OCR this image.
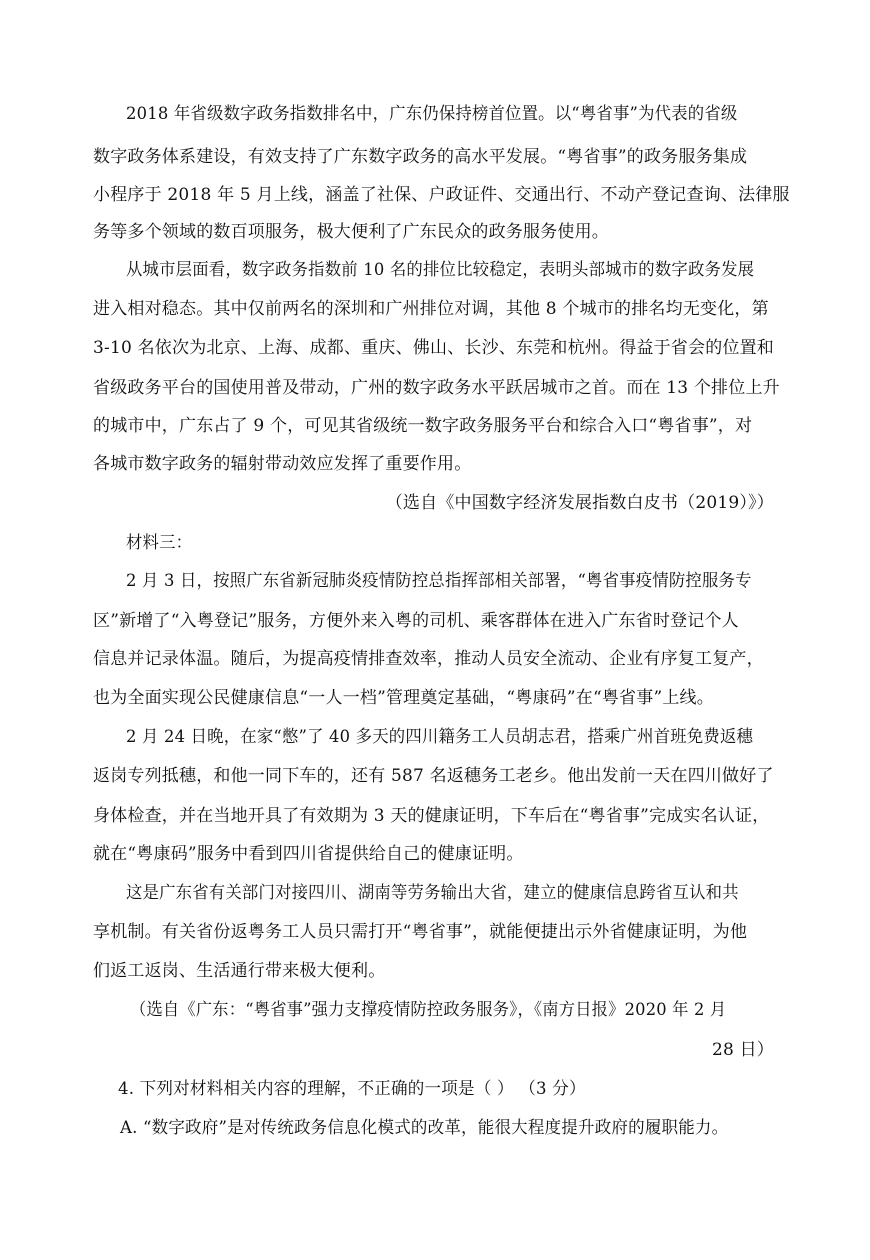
2018 年省级数字政务指数排名中，广东仍保持榜首位置。以“粤省事”为代表的省级
数字政务体系建设，有效支持了广东数字政务的高水平发展。“粤省事”的政务服务集成
小程序于 2018 年 5 月上线，涵盖了社保、户政证件、交通出行、不动产登记查询、法律服
务等多个领域的数百项服务，极大便利了广东民众的政务服务使用。
从城市层面看，数字政务指数前 10 名的排位比较稳定，表明头部城市的数字政务发展
进入相对稳态。其中仅前两名的深圳和广州排位对调，其他 8 个城市的排名均无变化，第
3-10 名依次为北京、上海、成都、重庆、佛山、长沙、东莞和杭州。得益于省会的位置和
省级政务平台的国使用普及带动，广州的数字政务水平跃居城市之首。而在 13 个排位上升
的城市中，广东占了 9 个，可见其省级统一数字政务服务平台和综合入口“粤省事”，对
各城市数字政务的辐射带动效应发挥了重要作用。
（选自《中国数字经济发展指数白皮书（2019）》）
材料三：
2 月 3 日，按照广东省新冠肺炎疫情防控总指挥部相关部署，“粤省事疫情防控服务专
区”新增了“入粤登记”服务，方便外来入粤的司机、乘客群体在进入广东省时登记个人
信息并记录体温。随后，为提高疫情排查效率，推动人员安全流动、企业有序复工复产，
也为全面实现公民健康信息“一人一档”管理奠定基础，“粤康码”在“粤省事”上线。
2 月 24 日晚，在家“憋”了 40 多天的四川籍务工人员胡志君，搭乘广州首班免费返穗
返岗专列抵穗，和他一同下车的，还有 587 名返穗务工老乡。他出发前一天在四川做好了
身体检查，并在当地开具了有效期为 3 天的健康证明，下车后在“粤省事”完成实名认证，
就在“粤康码”服务中看到四川省提供给自己的健康证明。
这是广东省有关部门对接四川、湖南等劳务输出大省，建立的健康信息跨省互认和共
享机制。有关省份返粤务工人员只需打开“粤省事”，就能便捷出示外省健康证明，为他
们返工返岗、生活通行带来极大便利。
（选自《广东：“粤省事”强力支撑疫情防控政务服务》，《南方日报》2020 年 2 月
28 日）
4. 下列对材料相关内容的理解，不正确的一项是（ ） （3 分）
A. “数字政府”是对传统政务信息化模式的改革，能很大程度提升政府的履职能力。
